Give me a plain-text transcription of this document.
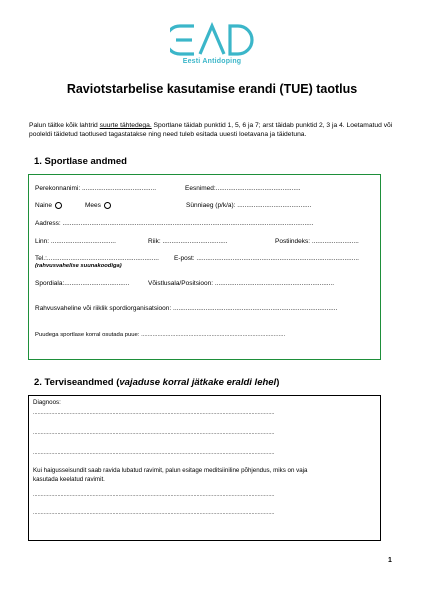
Eesti Antidoping
Raviotstarbelise kasutamise erandi (TUE) taotlus
Palun täitke kõik lahtrid suurte tähtedega. Sportlane täidab punktid 1, 5, 6 ja 7; arst täidab punktid 2, 3 ja 4. Loetamatud või pooleldi täidetud taotlused tagastatakse ning need tuleb esitada uuesti loetavana ja täidetuna.
1. Sportlase andmed
Perekonnanimi: .........................................	Eesnimed:...............................................
Naine	Mees	Sünniaeg (p/k/a): .........................................
Aadress: ...........................................................................................................................................
Linn: ....................................	Riik: ....................................	Postiindeks: ..........................
Tel.:..............................................................
(rahvusvahelise suunakoodiga)
E-post: ..........................................................................................
Spordiala:....................................	Võistlusala/Positsioon: ..................................................................
Rahvusvaheline või riiklik spordiorganisatsioon: ...........................................................................................
Puudega sportlase korral osutada puue: ........................................................................................
2. Terviseandmed (vajaduse korral jätkake eraldi lehel)
Diagnoos:
..............................................................................................................................................................
..............................................................................................................................................................
..............................................................................................................................................................
Kui haigusseisundit saab ravida lubatud ravimit, palun esitage meditsiiniline põhjendus, miks on vaja
kasutada keelatud ravimit.
..............................................................................................................................................................
..............................................................................................................................................................
1
